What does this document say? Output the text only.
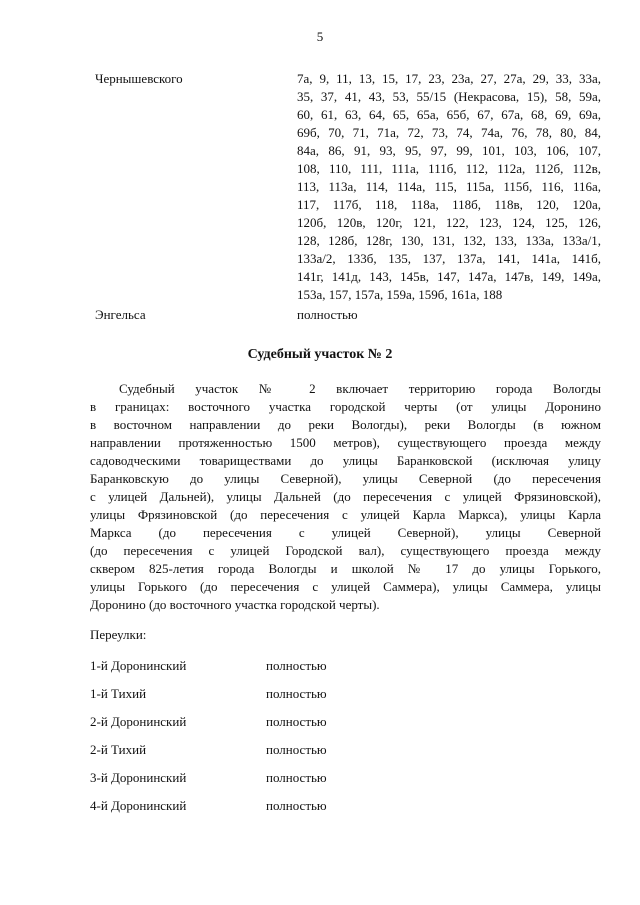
5
Чернышевского	7а, 9, 11, 13, 15, 17, 23, 23а, 27, 27а, 29, 33, 33а,
35, 37, 41, 43, 53, 55/15 (Некрасова, 15), 58, 59а,
60, 61, 63, 64, 65, 65а, 65б, 67, 67а, 68, 69, 69а,
69б, 70, 71, 71а, 72, 73, 74, 74а, 76, 78, 80, 84,
84а, 86, 91, 93, 95, 97, 99, 101, 103, 106, 107,
108, 110, 111, 111а, 111б, 112, 112а, 112б, 112в,
113, 113а, 114, 114а, 115, 115а, 115б, 116, 116а,
117, 117б, 118, 118а, 118б, 118в, 120, 120а,
120б, 120в, 120г, 121, 122, 123, 124, 125, 126,
128, 128б, 128г, 130, 131, 132, 133, 133а, 133а/1,
133а/2, 133б, 135, 137, 137а, 141, 141а, 141б,
141г, 141д, 143, 145в, 147, 147а, 147в, 149, 149а,
153а, 157, 157а, 159а, 159б, 161а, 188
Энгельса	полностью
Судебный участок № 2
Судебный участок № 2 включает территорию города Вологды
в границах: восточного участка городской черты (от улицы Доронино
в восточном направлении до реки Вологды), реки Вологды (в южном
направлении протяженностью 1500 метров), существующего проезда между
садоводческими товариществами до улицы Баранковской (исключая улицу
Баранковскую до улицы Северной), улицы Северной (до пересечения
с улицей Дальней), улицы Дальней (до пересечения с улицей Фрязиновской),
улицы Фрязиновской (до пересечения с улицей Карла Маркса), улицы Карла
Маркса (до пересечения с улицей Северной), улицы Северной
(до пересечения с улицей Городской вал), существующего проезда между
сквером 825-летия города Вологды и школой № 17 до улицы Горького,
улицы Горького (до пересечения с улицей Саммера), улицы Саммера, улицы
Доронино (до восточного участка городской черты).
Переулки:
1-й Доронинский	полностью
1-й Тихий	полностью
2-й Доронинский	полностью
2-й Тихий	полностью
3-й Доронинский	полностью
4-й Доронинский	полностью
